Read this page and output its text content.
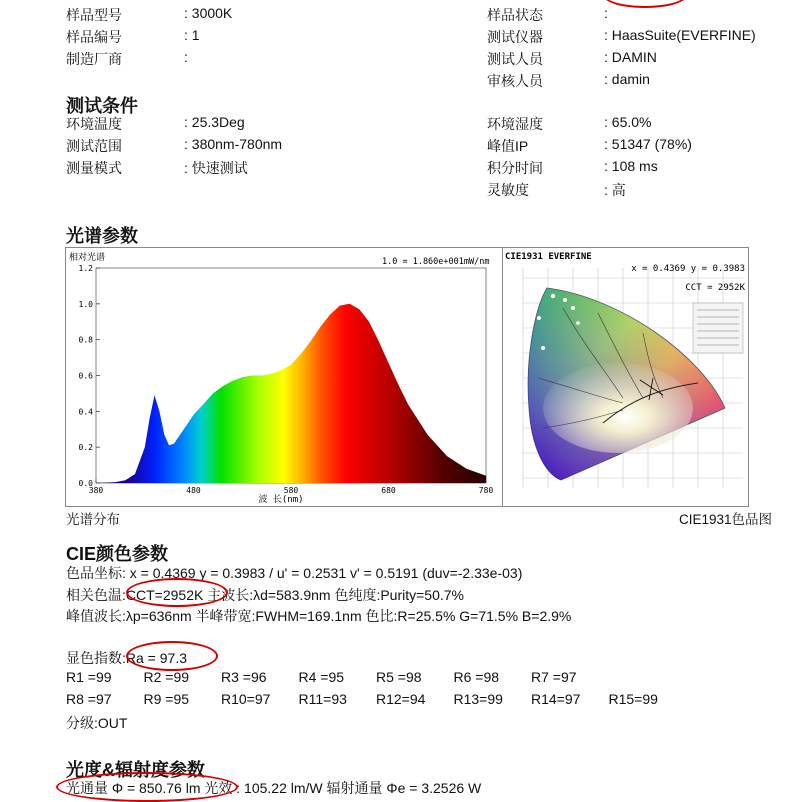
样品型号	: 3000K
样品编号	: 1
制造厂商	:
样品状态	:
测试仪器	: HaasSuite(EVERFINE)
测试人员	: DAMIN
审核人员	: damin
测试条件
环境温度	: 25.3Deg
测试范围	: 380nm-780nm
测量模式	: 快速测试
环境湿度	: 65.0%
峰值IP	: 51347 (78%)
积分时间	: 108 ms
灵敏度	: 高
光谱参数
相对光谱	1.0 = 1.860e+001mW/nm
1.2
1.0
0.8
0.6
0.4
0.2
0.0
380	480	580	680	780
波 长(nm)
CIE1931 EVERFINE
x = 0.4369 y = 0.3983
CCT = 2952K
光谱分布	CIE1931色品图
CIE颜色参数
色品坐标: x = 0.4369 y = 0.3983 / u' = 0.2531 v' = 0.5191 (duv=-2.33e-03)
相关色温:CCT=2952K 主波长:λd=583.9nm 色纯度:Purity=50.7%
峰值波长:λp=636nm 半峰带宽:FWHM=169.1nm 色比:R=25.5% G=71.5% B=2.9%
显色指数:Ra = 97.3
R1 =99	R2 =99	R3 =96	R4 =95	R5 =98	R6 =98	R7 =97
R8 =97	R9 =95	R10=97	R11=93	R12=94	R13=99	R14=97	R15=99
分级:OUT
光度&辐射度参数
光通量 Φ = 850.76 lm 光效 : 105.22 lm/W 辐射通量 Φe = 3.2526 W
